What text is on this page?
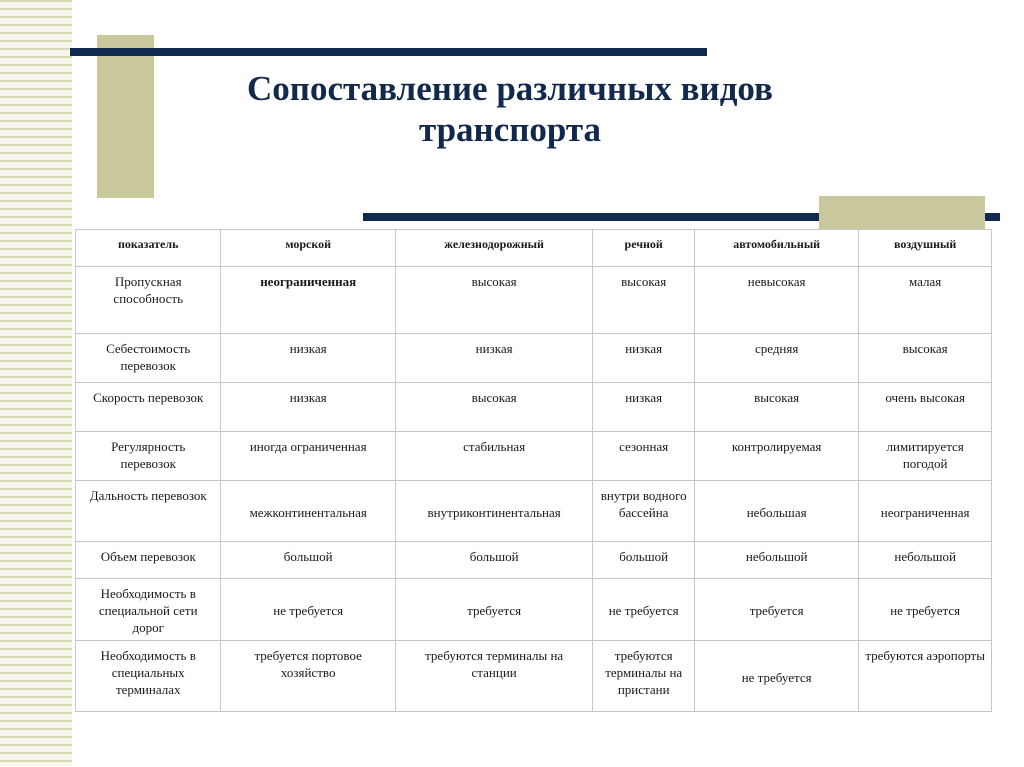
Сопоставление различных видов
транспорта
показатель	морской	железнодорожный	речной	автомобильный	воздушный
Пропускная способность	неограниченная	высокая	высокая	невысокая	малая
Себестоимость перевозок	низкая	низкая	низкая	средняя	высокая
Скорость перевозок	низкая	высокая	низкая	высокая	очень высокая
Регулярность перевозок	иногда ограниченная	стабильная	сезонная	контролируемая	лимитируется погодой
Дальность перевозок	межконтинентальная	внутриконтинентальная	внутри водного бассейна	небольшая	неограниченная
Объем перевозок	большой	большой	большой	небольшой	небольшой
Необходимость в специальной сети дорог	не требуется	требуется	не требуется	требуется	не требуется
Необходимость в специальных терминалах	требуется портовое хозяйство	требуются терминалы на станции	требуются терминалы на пристани	не требуется	требуются аэропорты
